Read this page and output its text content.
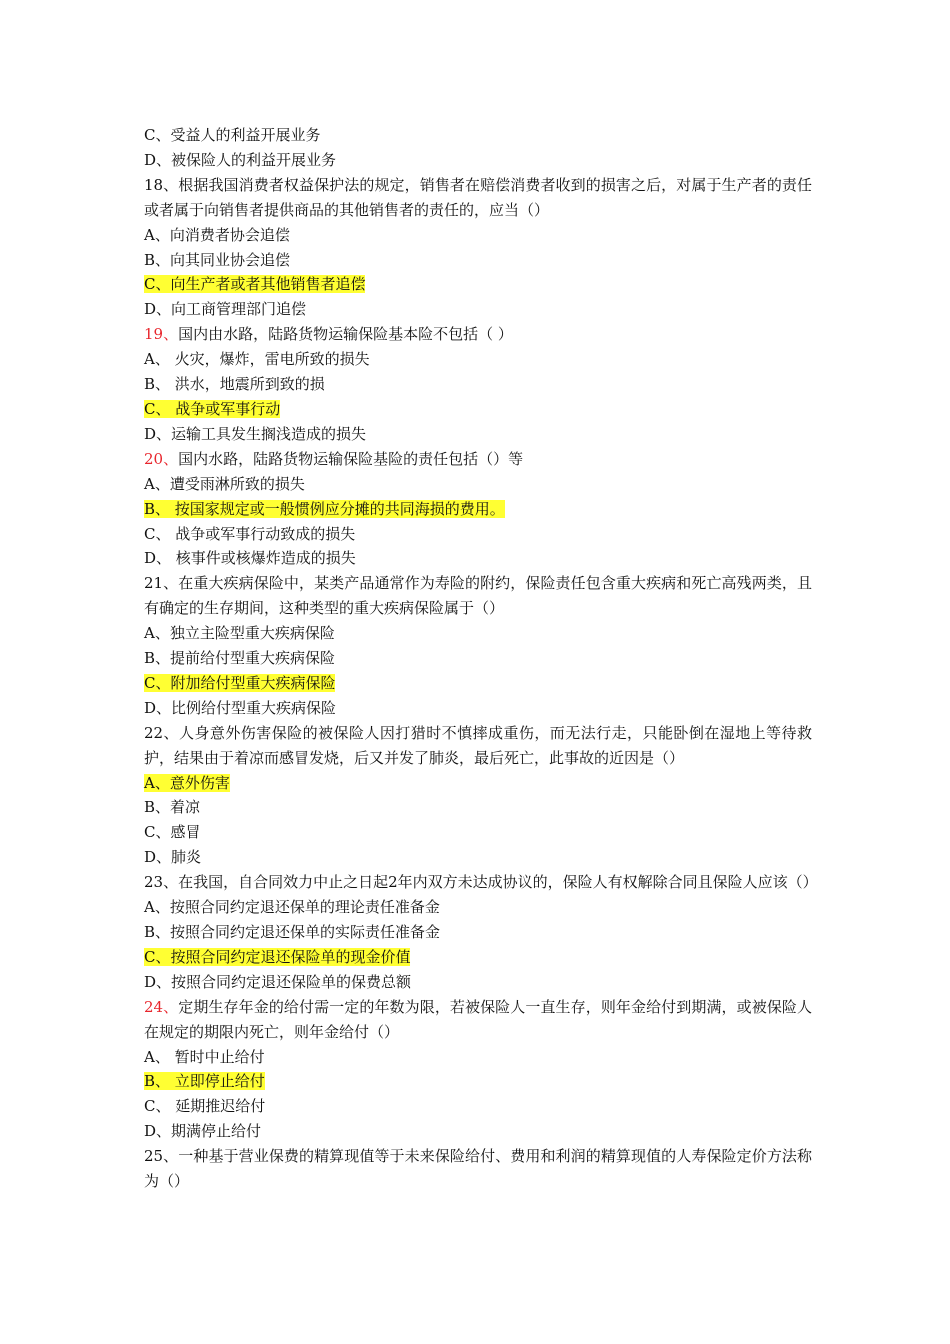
C、受益人的利益开展业务
D、被保险人的利益开展业务
18、根据我国消费者权益保护法的规定，销售者在赔偿消费者收到的损害之后，对属于生产者的责任或者属于向销售者提供商品的其他销售者的责任的，应当（）
A、向消费者协会追偿
B、向其同业协会追偿
C、向生产者或者其他销售者追偿
D、向工商管理部门追偿
19、国内由水路，陆路货物运输保险基本险不包括（ ）
A、 火灾，爆炸，雷电所致的损失
B、 洪水，地震所到致的损
C、 战争或军事行动
D、运输工具发生搁浅造成的损失
20、国内水路，陆路货物运输保险基险的责任包括（）等
A、遭受雨淋所致的损失
B、 按国家规定或一般惯例应分摊的共同海损的费用。
C、 战争或军事行动致成的损失
D、 核事件或核爆炸造成的损失
21、在重大疾病保险中，某类产品通常作为寿险的附约，保险责任包含重大疾病和死亡高残两类，且有确定的生存期间，这种类型的重大疾病保险属于（）
A、独立主险型重大疾病保险
B、提前给付型重大疾病保险
C、附加给付型重大疾病保险
D、比例给付型重大疾病保险
22、人身意外伤害保险的被保险人因打猎时不慎摔成重伤，而无法行走，只能卧倒在湿地上等待救护，结果由于着凉而感冒发烧，后又并发了肺炎，最后死亡，此事故的近因是（）
A、意外伤害
B、着凉
C、感冒
D、肺炎
23、在我国，自合同效力中止之日起2年内双方未达成协议的，保险人有权解除合同且保险人应该（）
A、按照合同约定退还保单的理论责任准备金
B、按照合同约定退还保单的实际责任准备金
C、按照合同约定退还保险单的现金价值
D、按照合同约定退还保险单的保费总额
24、定期生存年金的给付需一定的年数为限，若被保险人一直生存，则年金给付到期满，或被保险人在规定的期限内死亡，则年金给付（）
A、 暂时中止给付
B、 立即停止给付
C、 延期推迟给付
D、期满停止给付
25、一种基于营业保费的精算现值等于未来保险给付、费用和利润的精算现值的人寿保险定价方法称为（）
